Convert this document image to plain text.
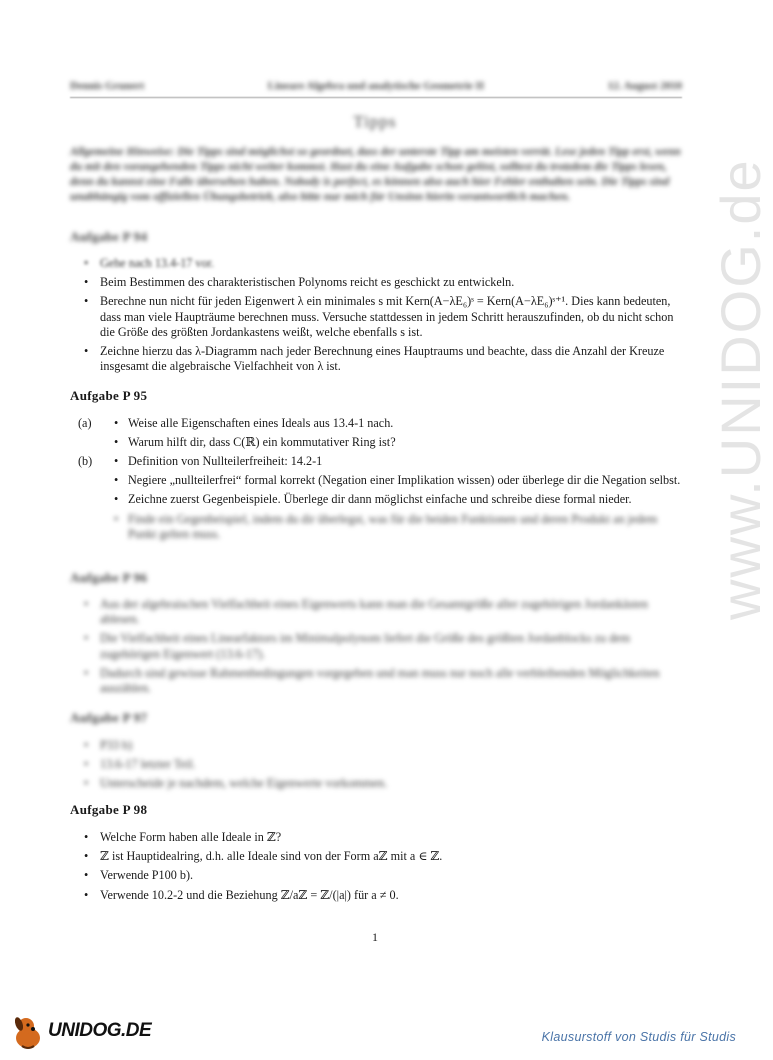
Dennis Grunert	Lineare Algebra und analytische Geometrie II	12. August 2010
Tipps
Allgemeine Hinweise: Die Tipps sind möglichst so geordnet, dass der unterste Tipp am meisten verrät. Lese jeden Tipp erst, wenn du mit den vorangehenden Tipps nicht weiter kommst. Hast du eine Aufgabe schon gelöst, solltest du trotzdem die Tipps lesen, denn du kannst eine Falle übersehen haben. Nobody is perfect, es können also auch hier Fehler enthalten sein. Die Tipps sind unabhängig vom offiziellen Übungsbetrieb, also bitte nur mich für Unsinn hierin verantwortlich machen.
Aufgabe P 94
• Gehe nach 13.4-17 vor.
• Beim Bestimmen des charakteristischen Polynoms reicht es geschickt zu entwickeln.
• Berechne nun nicht für jeden Eigenwert λ ein minimales s mit Kern(A−λE₆)ˢ = Kern(A−λE₆)ˢ⁺¹. Dies kann bedeuten, dass man viele Haupträume berechnen muss. Versuche stattdessen in jedem Schritt herauszufinden, ob du nicht schon die Größe des größten Jordankastens weißt, welche ebenfalls s ist.
• Zeichne hierzu das λ-Diagramm nach jeder Berechnung eines Hauptraums und beachte, dass die Anzahl der Kreuze insgesamt die algebraische Vielfachheit von λ ist.
Aufgabe P 95
(a)	• Weise alle Eigenschaften eines Ideals aus 13.4-1 nach.
• Warum hilft dir, dass C(ℝ) ein kommutativer Ring ist?
(b)	• Definition von Nullteilerfreiheit: 14.2-1
• Negiere „nullteilerfrei“ formal korrekt (Negation einer Implikation wissen) oder überlege dir die Negation selbst.
• Zeichne zuerst Gegenbeispiele. Überlege dir dann möglichst einfache und schreibe diese formal nieder.
• Finde ein Gegenbeispiel, indem du dir überlegst, was für die beiden Funktionen und deren Produkt an jedem Punkt gelten muss.
Aufgabe P 96
• Aus der algebraischen Vielfachheit eines Eigenwerts kann man die Gesamtgröße aller zugehörigen Jordankästen ablesen.
• Die Vielfachheit eines Linearfaktors im Minimalpolynom liefert die Größe des größten Jordanblocks zu dem zugehörigen Eigenwert (13.6-17).
• Dadurch sind gewisse Rahmenbedingungen vorgegeben und man muss nur noch alle verbleibenden Möglichkeiten auszählen.
Aufgabe P 97
• P33 b)
• 13.6-17 letzter Teil.
• Unterscheide je nachdem, welche Eigenwerte vorkommen.
Aufgabe P 98
• Welche Form haben alle Ideale in ℤ?
• ℤ ist Hauptidealring, d.h. alle Ideale sind von der Form aℤ mit a ∈ ℤ.
• Verwende P100 b).
• Verwende 10.2-2 und die Beziehung ℤ/aℤ = ℤ/(|a|) für a ≠ 0.
1
www.UNIDOG.de
UNIDOG.DE	Klausurstoff von Studis für Studis
